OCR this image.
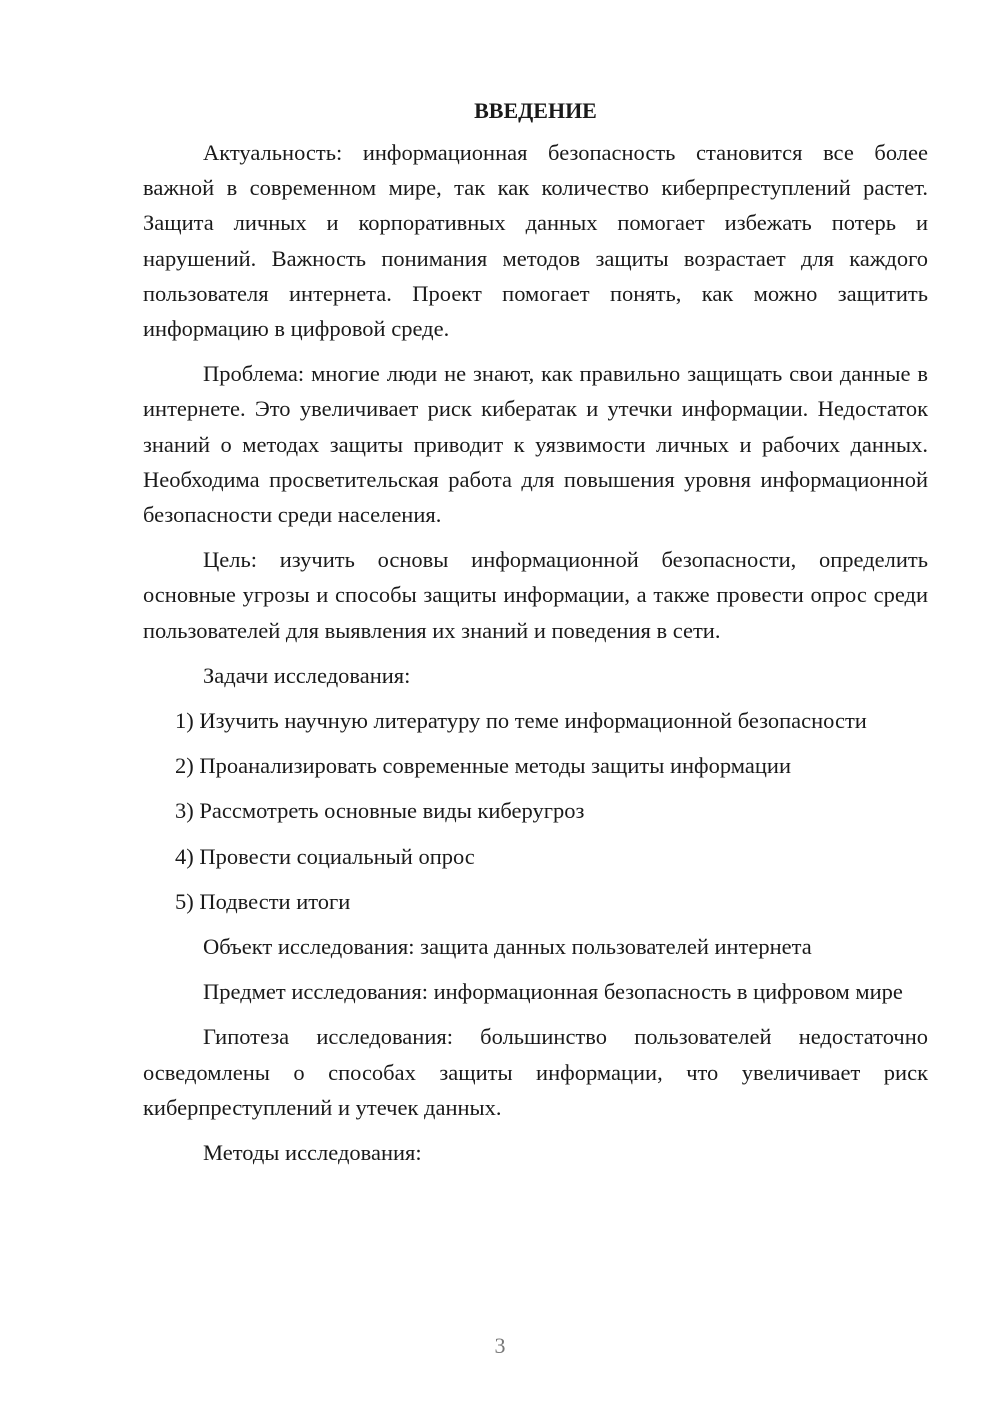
ВВЕДЕНИЕ

Актуальность: информационная безопасность становится все более важной в современном мире, так как количество киберпреступлений растет. Защита личных и корпоративных данных помогает избежать потерь и нарушений. Важность понимания методов защиты возрастает для каждого пользователя интернета. Проект помогает понять, как можно защитить информацию в цифровой среде.

Проблема: многие люди не знают, как правильно защищать свои данные в интернете. Это увеличивает риск кибератак и утечки информации. Недостаток знаний о методах защиты приводит к уязвимости личных и рабочих данных. Необходима просветительская работа для повышения уровня информационной безопасности среди населения.

Цель: изучить основы информационной безопасности, определить основные угрозы и способы защиты информации, а также провести опрос среди пользователей для выявления их знаний и поведения в сети.

Задачи исследования:

1) Изучить научную литературу по теме информационной безопасности

2) Проанализировать современные методы защиты информации

3) Рассмотреть основные виды киберугроз

4) Провести социальный опрос

5) Подвести итоги

Объект исследования: защита данных пользователей интернета

Предмет исследования: информационная безопасность в цифровом мире

Гипотеза исследования: большинство пользователей недостаточно осведомлены о способах защиты информации, что увеличивает риск киберпреступлений и утечек данных.

Методы исследования:

3
